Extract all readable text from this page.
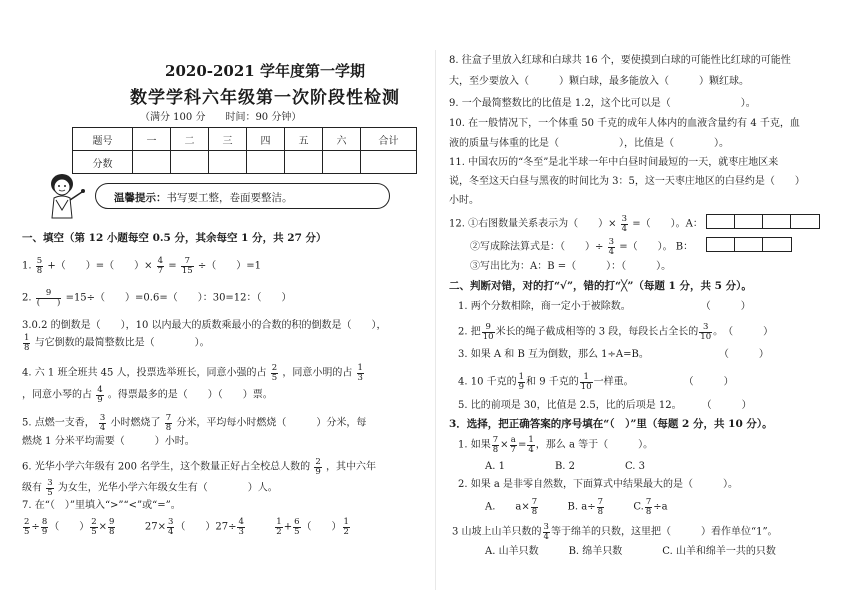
2020-2021 学年度第一学期
数学学科六年级第一次阶段性检测
（满分 100 分　　时间：90 分钟）
题号	一	二	三	四	五	六	合计
分数							
温馨提示：书写要工整，卷面要整洁。
一、填空（第 12 小题每空 0.5 分，其余每空 1 分，共 27 分）
1. $\frac{5}{8}$ +（　　）=（　　）× $\frac{4}{7} = \frac{7}{15}$ ÷（　　）=1
2. $\frac{9}{( )} =15\div$（　　）=0.6=（　　）：30=12：（　　）
3.0.2 的倒数是（　　），10 以内最大的质数乘最小的合数的积的倒数是（　　），
$\frac{1}{8}$ 与它倒数的最简整数比是（　　　　）。
4. 六 1 班全班共 45 人，投票选举班长，同意小强的占 $\frac{2}{5}$ ，同意小明的占 $\frac{1}{3}$
，同意小琴的占 $\frac{4}{9}$ 。得票最多的是（　　）（　　）票。
5. 点燃一支香， $\frac{3}{4}$ 小时燃烧了 $\frac{7}{8}$ 分米，平均每小时燃烧（　　　）分米，每
燃烧 1 分米平均需要（　　　）小时。
6. 光华小学六年级有 200 名学生，这个数量正好占全校总人数的 $\frac{2}{9}$ ，其中六年
级有 $\frac{3}{5}$ 为女生，光华小学六年级女生有（　　　　）人。
7. 在“（　）”里填入“>”“<”或“=”。
$\frac{2}{5} \div \frac{8}{9}$ （　　） $\frac{2}{5} \times \frac{9}{8}$	$27\times \frac{3}{4}$ （　　）$27\div \frac{4}{3}$
	$\frac{1}{2} + \frac{6}{5}$ （　　） $\frac{1}{2}$
8. 往盒子里放入红球和白球共 16 个，要使摸到白球的可能性比红球的可能性
大，至少要放入（　　　）颗白球，最多能放入（　　　）颗红球。
9. 一个最简整数比的比值是 1.2，这个比可以是（　　　　　　　）。
10. 在一般情况下，一个体重 50 千克的成年人体内的血液含量约有 4 千克，血
液的质量与体重的比是（　　　　　　），比值是（　　　　）。
11. 中国农历的“冬至”是北半球一年中白昼时间最短的一天，就枣庄地区来
说，冬至这天白昼与黑夜的时间比为 3：5，这一天枣庄地区的白昼约是（　　）
小时。
12. ①右图数量关系表示为（　　）× $\frac{3}{4}$ =（　　）。A：
②写成除法算式是：（　　）÷ $\frac{3}{4}$ =（　　）。 B：
③写出比为：A：B =（　　　）：（　　　）。
二、判断对错，对的打“√”，错的打“╳”（每题 1 分，共 5 分）。
1. 两个分数相除，商一定小于被除数。　　　　　　　　（　　　）
2. 把 $\frac{9}{10}$ 米长的绳子截成相等的 3 段，每段长占全长的 $\frac{3}{10}$ 。　（　　　）
3. 如果 A 和 B 互为倒数，那么 1÷A=B。　　　　　　　　（　　　）
4. 10 千克的 $\frac{1}{9}$ 和 9 千克的 $\frac{1}{10}$ 一样重。　　　　　　（　　　）
5. 比的前项是 30，比值是 2.5，比的后项是 12。　　　（　　　）
3．选择，把正确答案的序号填在“（　）”里（每题 2 分，共 10 分）。
1. 如果 $\frac{7}{8} \times \frac{a}{7} = \frac{1}{4}$ ，那么 a 等于（　　　）。
A. 1　　　　　B. 2　　　　　C. 3
2. 如果 a 是非零自然数，下面算式中结果最大的是（　　　）。
A.　　$a\times \frac{7}{8}$	B. $a\div \frac{7}{8}$	C. $\frac{7}{8} \div a$
3 山坡上山羊只数的 $\frac{3}{4}$ 等于绵羊的只数，这里把（　　　）看作单位“1”。
A. 山羊只数　　　B. 绵羊只数　　　　C. 山羊和绵羊一共的只数
